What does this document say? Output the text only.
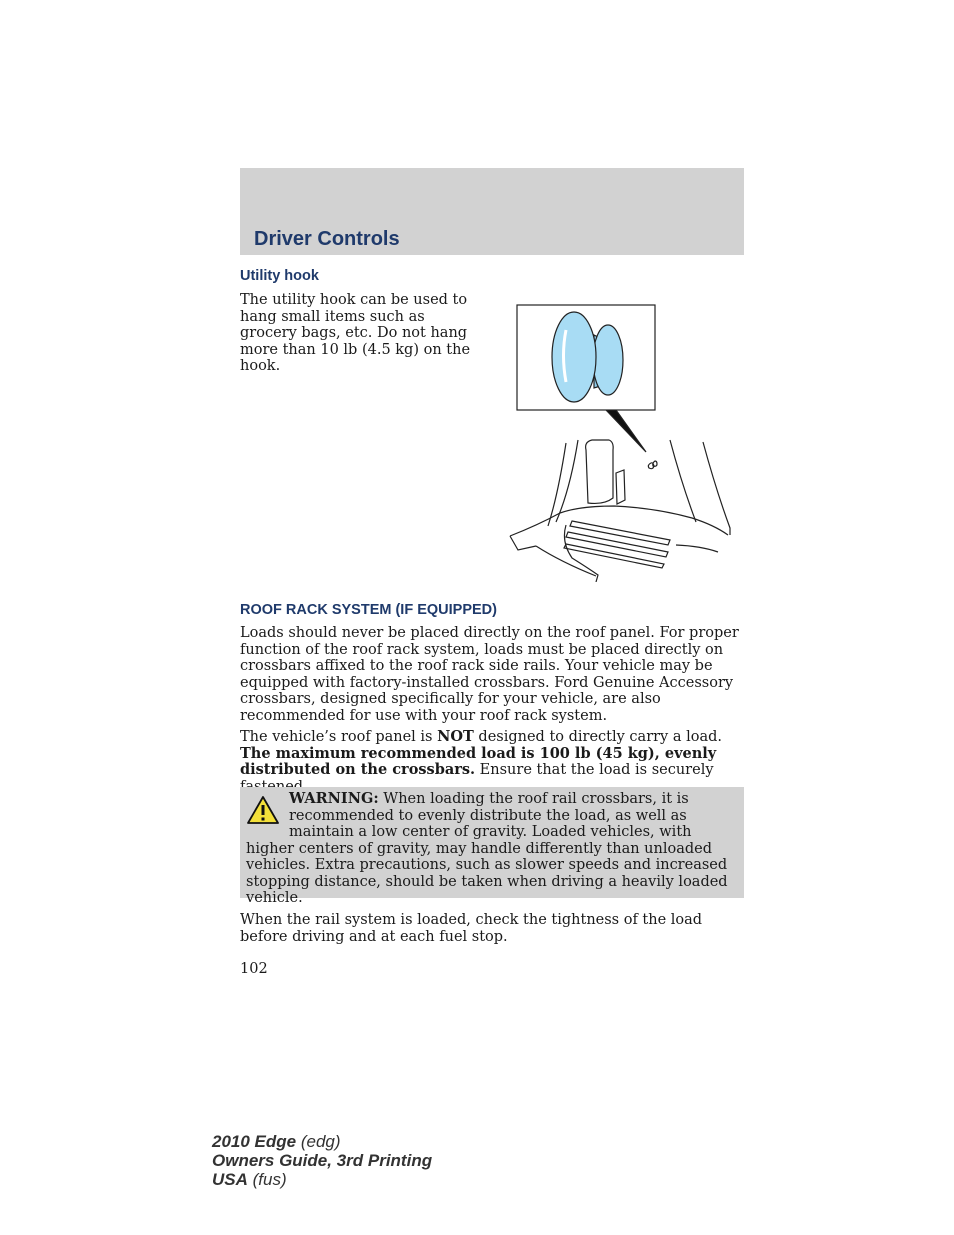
Driver Controls
Utility hook

The utility hook can be used to hang small items such as grocery bags, etc. Do not hang more than 10 lb (4.5 kg) on the hook.

ROOF RACK SYSTEM (IF EQUIPPED)

Loads should never be placed directly on the roof panel. For proper function of the roof rack system, loads must be placed directly on crossbars affixed to the roof rack side rails. Your vehicle may be equipped with factory-installed crossbars. Ford Genuine Accessory crossbars, designed specifically for your vehicle, are also recommended for use with your roof rack system.

The vehicle’s roof panel is NOT designed to directly carry a load. The maximum recommended load is 100 lb (45 kg), evenly distributed on the crossbars. Ensure that the load is securely

WARNING: When loading the roof rail crossbars, it is recommended to evenly distribute the load, as well as maintain a low center of gravity. Loaded vehicles, with higher centers of gravity, may handle differently than unloaded vehicles. Extra precautions, such as slower speeds and increased stopping distance, should be taken when driving a heavily loaded vehicle.

When the rail system is loaded, check the tightness of the load before driving and at each fuel stop.

102

2010 Edge (edg)
Owners Guide, 3rd Printing
USA (fus)
